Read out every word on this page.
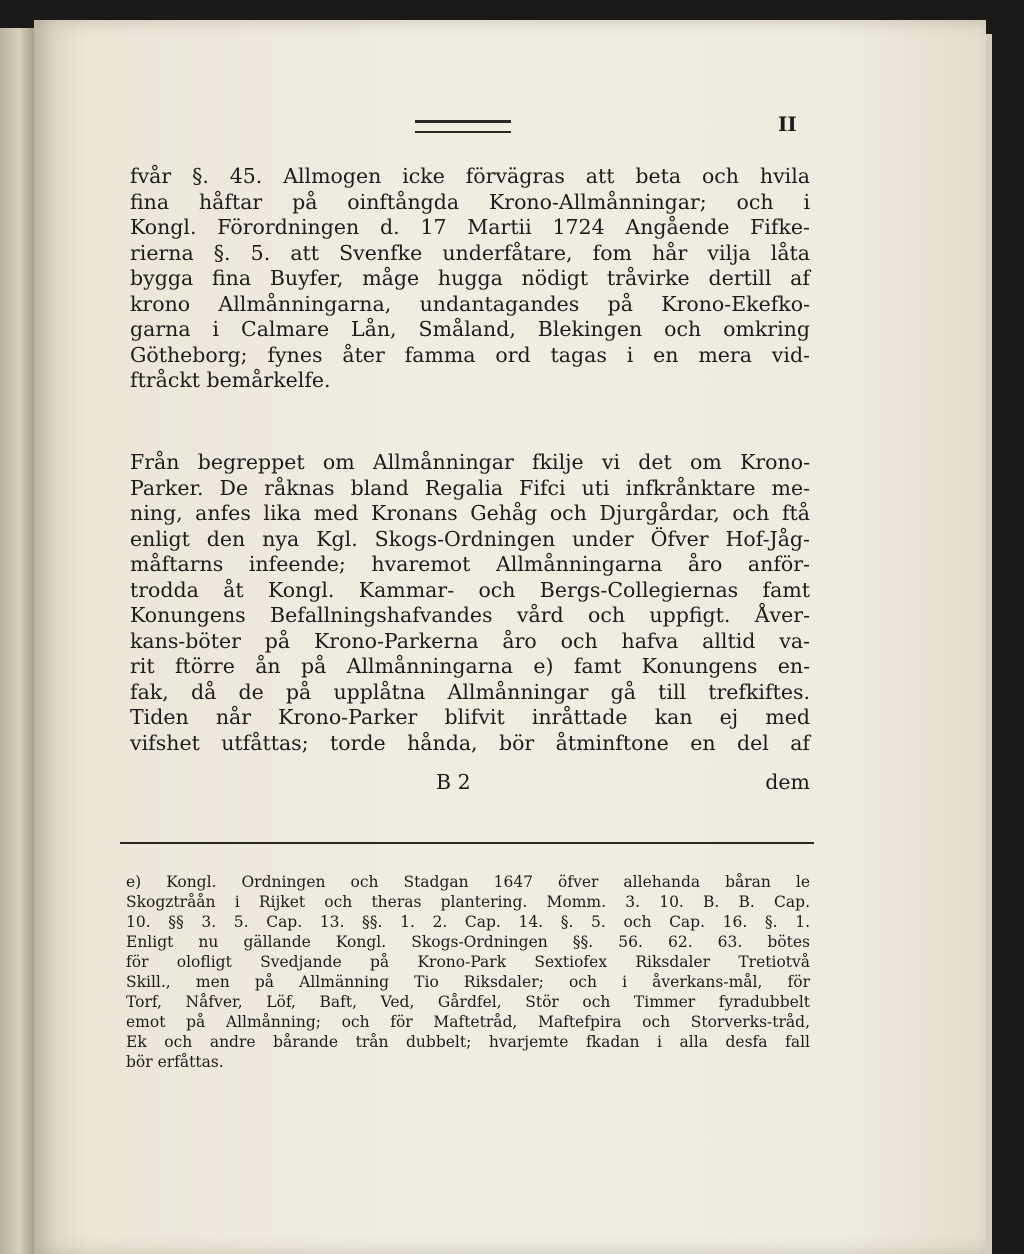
II
fvår §. 45. Allmogen icke förvägras att beta och hvila
fina håftar på oinftångda Krono-Allmånningar; och i
Kongl. Förordningen d. 17 Martii 1724 Angående Fifke-
rierna §. 5. att Svenfke underfåtare, fom hår vilja låta
bygga fina Buyfer, måge hugga nödigt tråvirke dertill af
krono Allmånningarna, undantagandes på Krono-Ekefko-
garna i Calmare Lån, Småland, Blekingen och omkring
Götheborg; fynes åter famma ord tagas i en mera vid-
ftråckt bemårkelfe.
Från begreppet om Allmånningar fkilje vi det om Krono-
Parker. De råknas bland Regalia Fifci uti infkrånktare me-
ning, anfes lika med Kronans Gehåg och Djurgårdar, och ftå
enligt den nya Kgl. Skogs-Ordningen under Öfver Hof-Jåg-
måftarns infeende; hvaremot Allmånningarna åro anför-
trodda åt Kongl. Kammar- och Bergs-Collegiernas famt
Konungens Befallningshafvandes vård och uppfigt. Åver-
kans-böter på Krono-Parkerna åro och hafva alltid va-
rit ftörre ån på Allmånningarna e) famt Konungens en-
fak, då de på upplåtna Allmånningar gå till trefkiftes.
Tiden når Krono-Parker blifvit inråttade kan ej med
vifshet utfåttas; torde hånda, bör åtminftone en del af
B 2	dem
e) Kongl. Ordningen och Stadgan 1647 öfver allehanda båran le
Skogztråån i Rijket och theras plantering. Momm. 3. 10. B. B. Cap.
10. §§ 3. 5. Cap. 13. §§. 1. 2. Cap. 14. §. 5. och Cap. 16. §. 1.
Enligt nu gällande Kongl. Skogs-Ordningen §§. 56. 62. 63. bötes
för olofligt Svedjande på Krono-Park Sextiofex Riksdaler Tretiotvå
Skill., men på Allmänning Tio Riksdaler; och i åverkans-mål, för
Torf, Nåfver, Löf, Baft, Ved, Gårdfel, Stör och Timmer fyradubbelt
emot på Allmånning; och för Maftetråd, Maftefpira och Storverks-tråd,
Ek och andre bårande trån dubbelt; hvarjemte fkadan i alla desfa fall
bör erfåttas.
